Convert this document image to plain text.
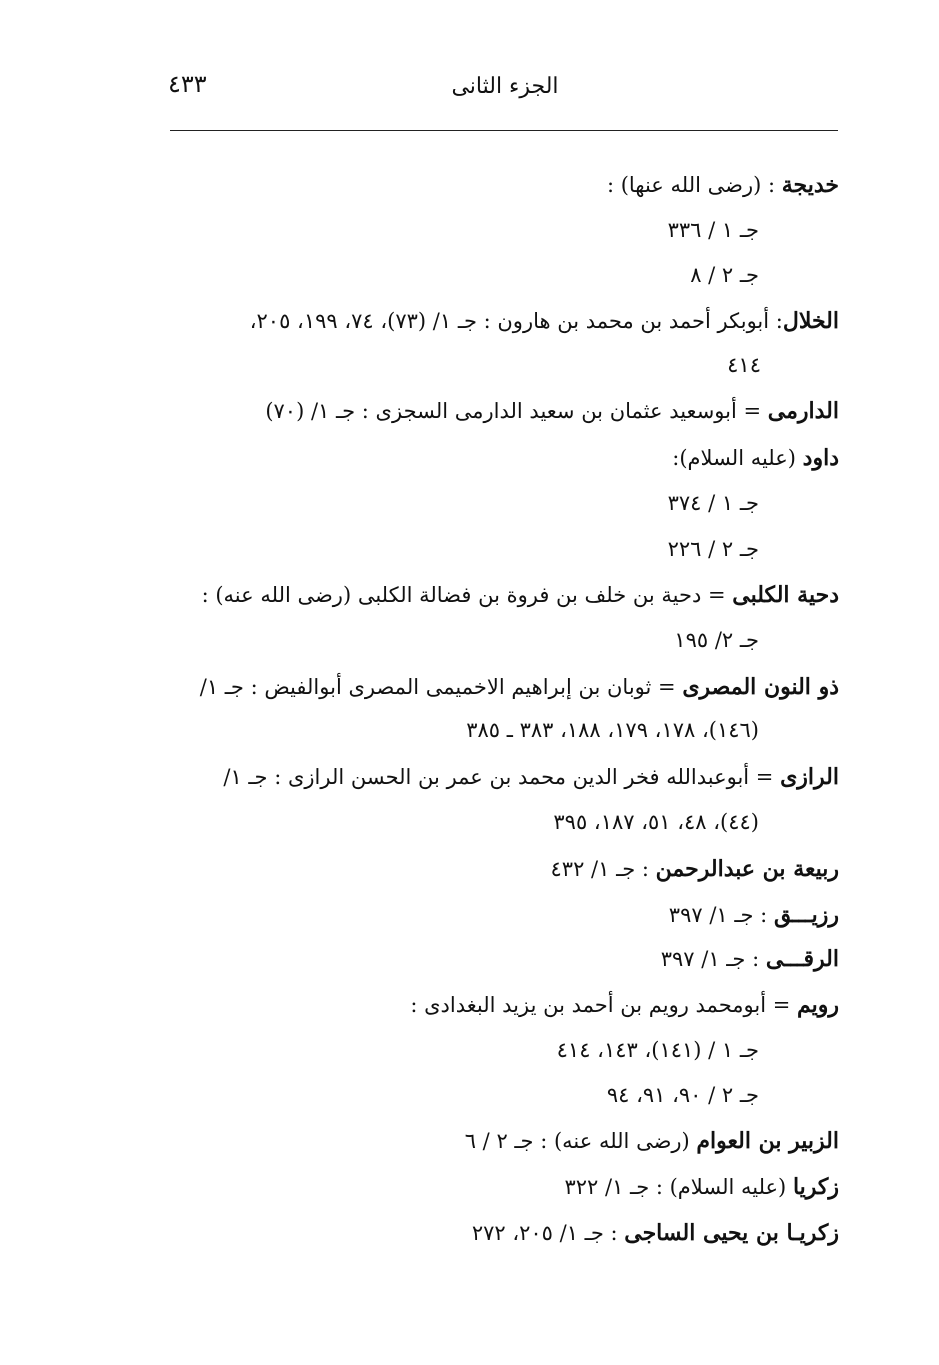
٤٣٣	الجزء الثانى
خديجة : (رضى الله عنها) :
جـ ١ / ٣٣٦
جـ ٢ / ٨
الخلال: أبوبكر أحمد بن محمد بن هارون : جـ ١/ (٧٣)، ٧٤، ١٩٩، ٢٠٥،
٤١٤
الدارمى = أبوسعيد عثمان بن سعيد الدارمى السجزى : جـ ١/ (٧٠)
داود (عليه السلام):
جـ ١ / ٣٧٤
جـ ٢ / ٢٢٦
دحية الكلبى = دحية بن خلف بن فروة بن فضالة الكلبى (رضى الله عنه) :
جـ ٢/ ١٩٥
ذو النون المصرى = ثوبان بن إبراهيم الاخميمى المصرى أبوالفيض : جـ ١/
(١٤٦)، ١٧٨، ١٧٩، ١٨٨، ٣٨٣ ـ ٣٨٥
الرازى = أبوعبدالله فخر الدين محمد بن عمر بن الحسن الرازى : جـ ١/
(٤٤)، ٤٨، ٥١، ١٨٧، ٣٩٥
ربيعة بن عبدالرحمن : جـ ١/ ٤٣٢
رزيـــق : جـ ١/ ٣٩٧
الرقـــى : جـ ١/ ٣٩٧
رويم = أبومحمد رويم بن أحمد بن يزيد البغدادى :
جـ ١ / (١٤١)، ١٤٣، ٤١٤
جـ ٢ / ٩٠، ٩١، ٩٤
الزبير بن العوام (رضى الله عنه) : جـ ٢ / ٦
زكريا (عليه السلام) : جـ ١/ ٣٢٢
زكريـا بن يحيى الساجى : جـ ١/ ٢٠٥، ٢٧٢
